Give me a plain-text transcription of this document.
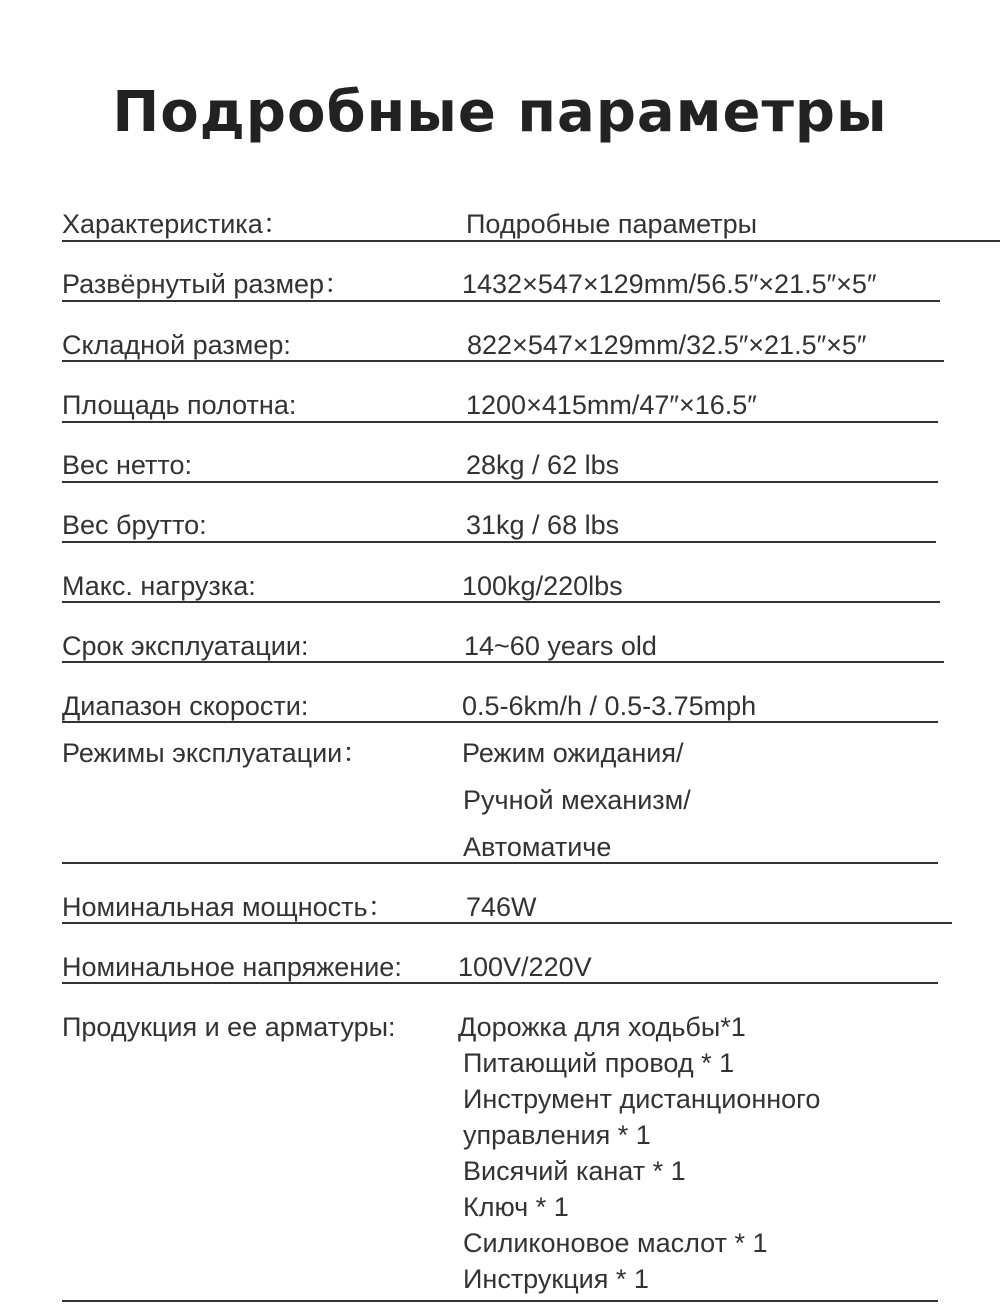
Подробные параметры
Характеристика：	Подробные параметры
Развёрнутый размер：	1432×547×129mm/56.5″×21.5″×5″
Складной размер:	822×547×129mm/32.5″×21.5″×5″
Площадь полотна:	1200×415mm/47″×16.5″
Вес нетто:	28kg / 62 lbs
Вес брутто:	31kg / 68 lbs
Макс. нагрузка:	100kg/220lbs
Срок эксплуатации:	14~60 years old
Диапазон скорости:	0.5-6km/h / 0.5-3.75mph
Режимы эксплуатации：	Режим ожидания/
Ручной механизм/
Автоматиче
Номинальная мощность：	746W
Номинальное напряжение: 100V/220V
Продукция и ее арматуры: Дорожка для ходьбы*1
Питающий провод * 1
Инструмент дистанционного
управления * 1
Висячий канат * 1
Ключ * 1
Силиконовое маслот * 1
Инструкция * 1
